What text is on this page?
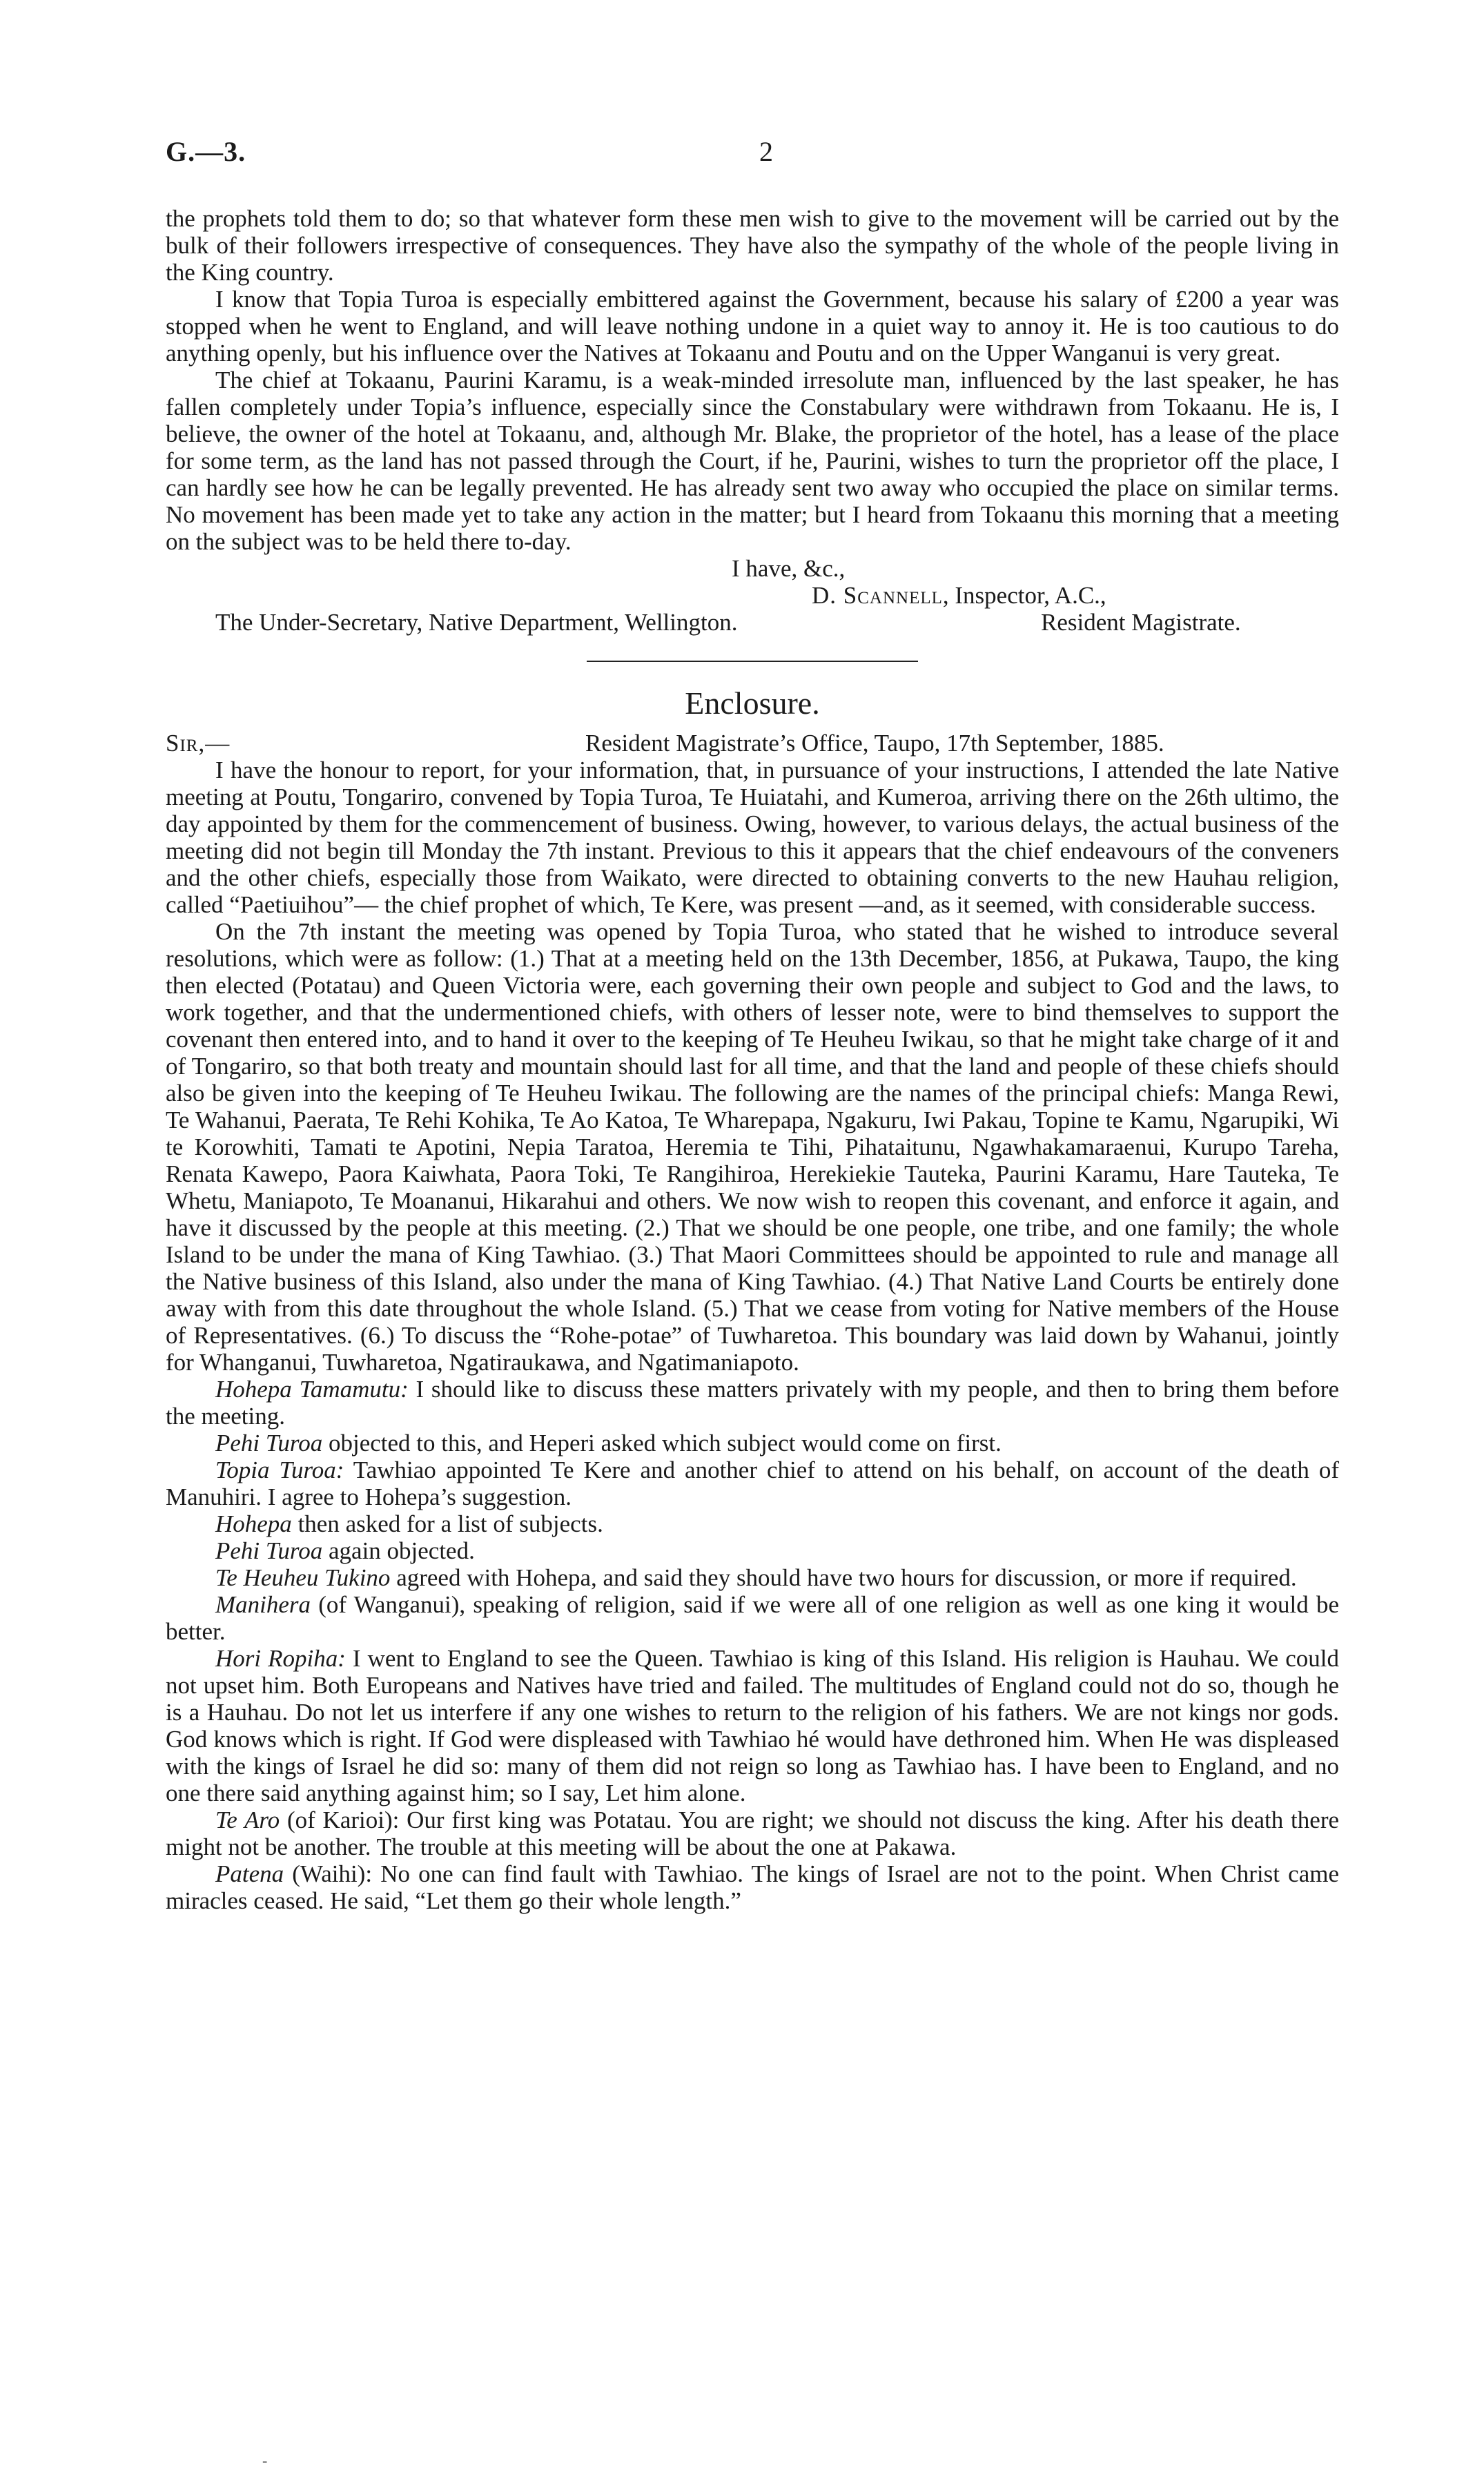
G.—3.	2

the prophets told them to do; so that whatever form these men wish to give to the movement will be carried out by the bulk of their followers irrespective of consequences. They have also the sympathy of the whole of the people living in the King country.

I know that Topia Turoa is especially embittered against the Government, because his salary of £200 a year was stopped when he went to England, and will leave nothing undone in a quiet way to annoy it. He is too cautious to do anything openly, but his influence over the Natives at Tokaanu and Poutu and on the Upper Wanganui is very great.

The chief at Tokaanu, Paurini Karamu, is a weak-minded irresolute man, influenced by the last speaker, he has fallen completely under Topia’s influence, especially since the Constabulary were withdrawn from Tokaanu. He is, I believe, the owner of the hotel at Tokaanu, and, although Mr. Blake, the proprietor of the hotel, has a lease of the place for some term, as the land has not passed through the Court, if he, Paurini, wishes to turn the proprietor off the place, I can hardly see how he can be legally prevented. He has already sent two away who occupied the place on similar terms. No movement has been made yet to take any action in the matter; but I heard from Tokaanu this morning that a meeting on the subject was to be held there to-day.

I have, &c.,
D. Scannell, Inspector, A.C.,
The Under-Secretary, Native Department, Wellington.	Resident Magistrate.
Enclosure.
Sir,—	Resident Magistrate’s Office, Taupo, 17th September, 1885.

I have the honour to report, for your information, that, in pursuance of your instructions, I attended the late Native meeting at Poutu, Tongariro, convened by Topia Turoa, Te Huiatahi, and Kumeroa, arriving there on the 26th ultimo, the day appointed by them for the commencement of business. Owing, however, to various delays, the actual business of the meeting did not begin till Monday the 7th instant. Previous to this it appears that the chief endeavours of the conveners and the other chiefs, especially those from Waikato, were directed to obtaining converts to the new Hauhau religion, called “Paetiuihou”— the chief prophet of which, Te Kere, was present —and, as it seemed, with considerable success.

On the 7th instant the meeting was opened by Topia Turoa, who stated that he wished to introduce several resolutions, which were as follow: (1.) That at a meeting held on the 13th December, 1856, at Pukawa, Taupo, the king then elected (Potatau) and Queen Victoria were, each governing their own people and subject to God and the laws, to work together, and that the undermentioned chiefs, with others of lesser note, were to bind themselves to support the covenant then entered into, and to hand it over to the keeping of Te Heuheu Iwikau, so that he might take charge of it and of Tongariro, so that both treaty and mountain should last for all time, and that the land and people of these chiefs should also be given into the keeping of Te Heuheu Iwikau. The following are the names of the principal chiefs: Manga Rewi, Te Wahanui, Paerata, Te Rehi Kohika, Te Ao Katoa, Te Wharepapa, Ngakuru, Iwi Pakau, Topine te Kamu, Ngarupiki, Wi te Korowhiti, Tamati te Apotini, Nepia Taratoa, Heremia te Tihi, Pihataitunu, Ngawhakamaraenui, Kurupo Tareha, Renata Kawepo, Paora Kaiwhata, Paora Toki, Te Rangihiroa, Herekiekie Tauteka, Paurini Karamu, Hare Tauteka, Te Whetu, Maniapoto, Te Moananui, Hikarahui and others. We now wish to reopen this covenant, and enforce it again, and have it discussed by the people at this meeting. (2.) That we should be one people, one tribe, and one family; the whole Island to be under the mana of King Tawhiao. (3.) That Maori Committees should be appointed to rule and manage all the Native business of this Island, also under the mana of King Tawhiao. (4.) That Native Land Courts be entirely done away with from this date throughout the whole Island. (5.) That we cease from voting for Native members of the House of Representatives. (6.) To discuss the “Rohe-potae” of Tuwharetoa. This boundary was laid down by Wahanui, jointly for Whanganui, Tuwharetoa, Ngatiraukawa, and Ngatimaniapoto.

Hohepa Tamamutu: I should like to discuss these matters privately with my people, and then to bring them before the meeting.

Pehi Turoa objected to this, and Heperi asked which subject would come on first.

Topia Turoa: Tawhiao appointed Te Kere and another chief to attend on his behalf, on account of the death of Manuhiri. I agree to Hohepa’s suggestion.

Hohepa then asked for a list of subjects.

Pehi Turoa again objected.

Te Heuheu Tukino agreed with Hohepa, and said they should have two hours for discussion, or more if required.

Manihera (of Wanganui), speaking of religion, said if we were all of one religion as well as one king it would be better.

Hori Ropiha: I went to England to see the Queen. Tawhiao is king of this Island. His religion is Hauhau. We could not upset him. Both Europeans and Natives have tried and failed. The multitudes of England could not do so, though he is a Hauhau. Do not let us interfere if any one wishes to return to the religion of his fathers. We are not kings nor gods. God knows which is right. If God were displeased with Tawhiao hé would have dethroned him. When He was displeased with the kings of Israel he did so: many of them did not reign so long as Tawhiao has. I have been to England, and no one there said anything against him; so I say, Let him alone.

Te Aro (of Karioi): Our first king was Potatau. You are right; we should not discuss the king. After his death there might not be another. The trouble at this meeting will be about the one at Pakawa.

Patena (Waihi): No one can find fault with Tawhiao. The kings of Israel are not to the point. When Christ came miracles ceased. He said, “Let them go their whole length.”

-
